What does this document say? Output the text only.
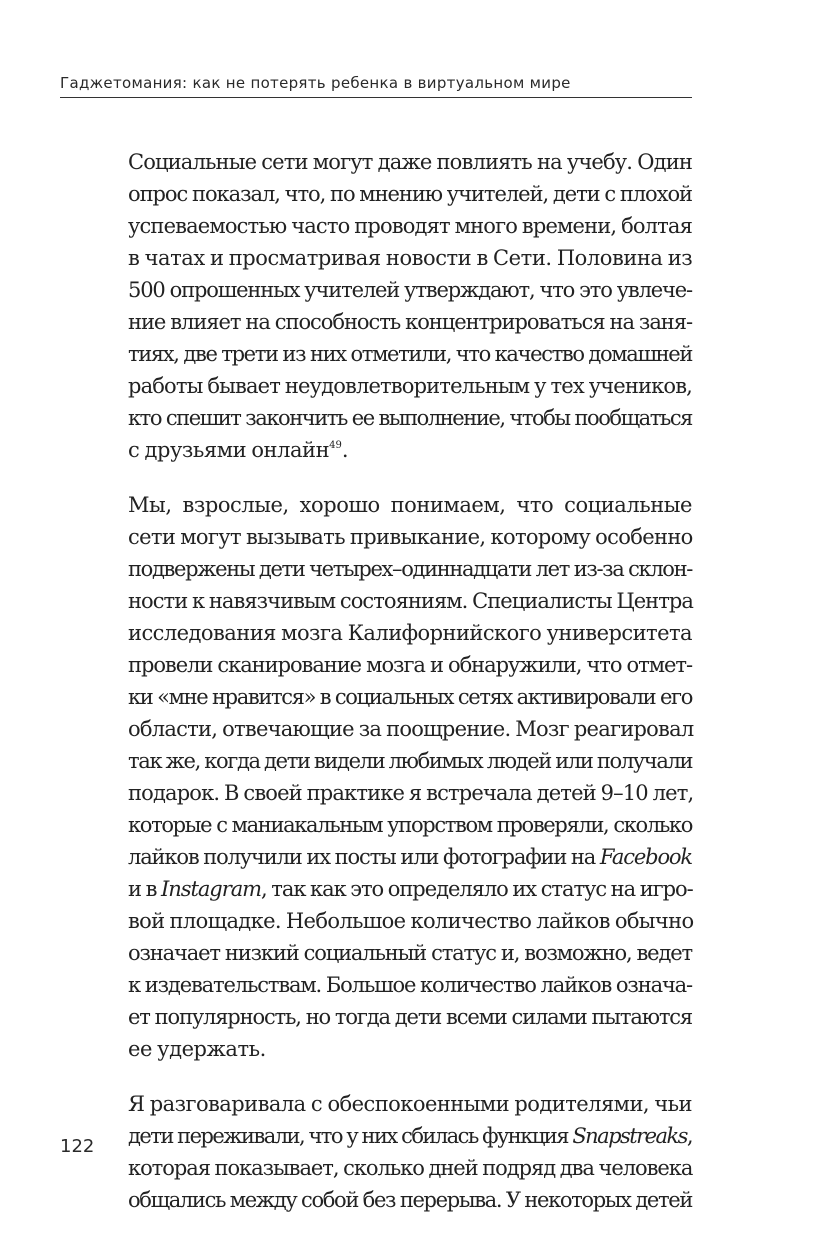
Гаджетомания: как не потерять ребенка в виртуальном мире
Социальные сети могут даже повлиять на учебу. Один
опрос показал, что, по мнению учителей, дети с плохой
успеваемостью часто проводят много времени, болтая
в чатах и просматривая новости в Сети. Половина из
500 опрошенных учителей утверждают, что это увлече-
ние влияет на способность концентрироваться на заня-
тиях, две трети из них отметили, что качество домашней
работы бывает неудовлетворительным у тех учеников,
кто спешит закончить ее выполнение, чтобы пообщаться
с друзьями онлайн$^{49}$.
Мы, взрослые, хорошо понимаем, что социальные
сети могут вызывать привыкание, которому особенно
подвержены дети четырех–одиннадцати лет из-за склон-
ности к навязчивым состояниям. Специалисты Центра
исследования мозга Калифорнийского университета
провели сканирование мозга и обнаружили, что отмет-
ки «мне нравится» в социальных сетях активировали его
области, отвечающие за поощрение. Мозг реагировал
так же, когда дети видели любимых людей или получали
подарок. В своей практике я встречала детей 9–10 лет,
которые с маниакальным упорством проверяли, сколько
лайков получили их посты или фотографии на Facebook
и в Instagram, так как это определяло их статус на игро-
вой площадке. Небольшое количество лайков обычно
означает низкий социальный статус и, возможно, ведет
к издевательствам. Большое количество лайков означа-
ет популярность, но тогда дети всеми силами пытаются
ее удержать.
Я разговаривала с обеспокоенными родителями, чьи
дети переживали, что у них сбилась функция Snapstreaks,
которая показывает, сколько дней подряд два человека
общались между собой без перерыва. У некоторых детей
122
